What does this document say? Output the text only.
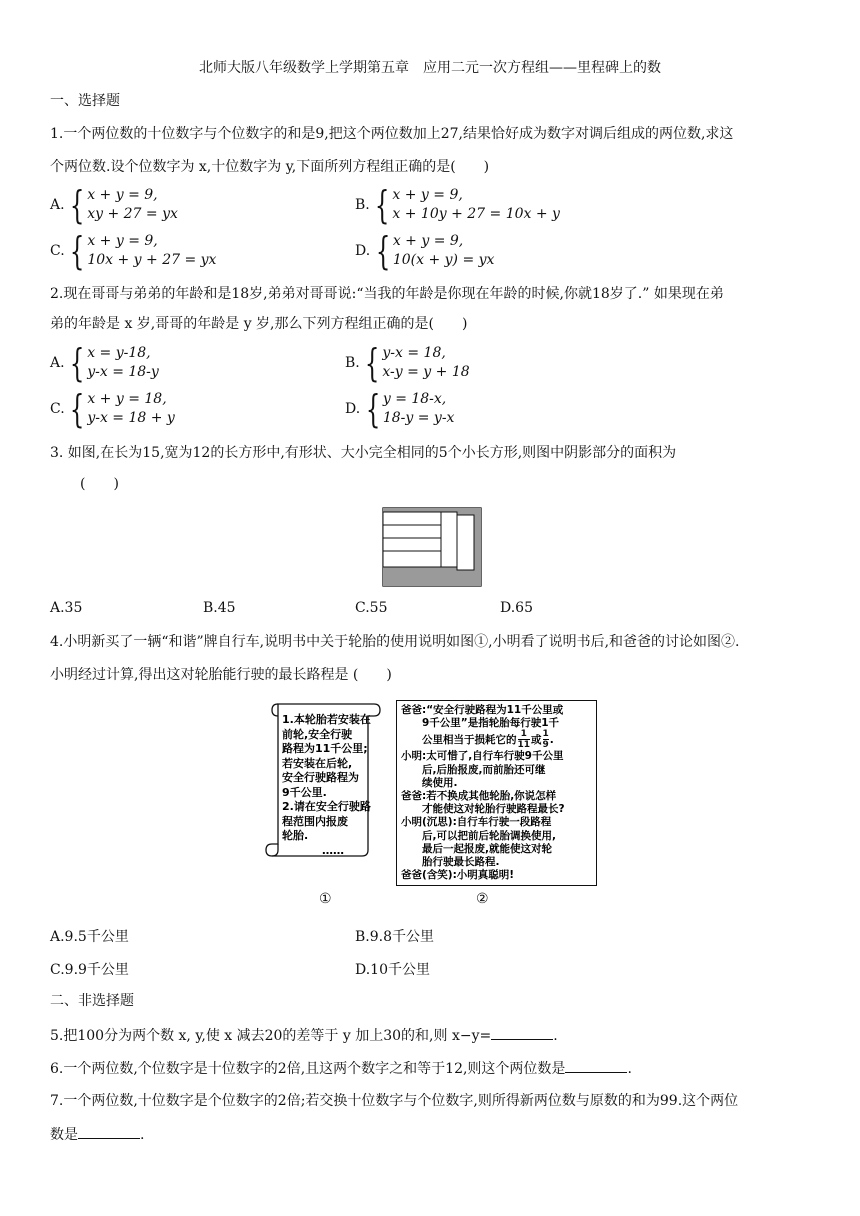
北师大版八年级数学上学期第五章　应用二元一次方程组——里程碑上的数
一、选择题
1.一个两位数的十位数字与个位数字的和是9,把这个两位数加上27,结果恰好成为数字对调后组成的两位数,求这
个两位数.设个位数字为 x,十位数字为 y,下面所列方程组正确的是(　　)
A. { x + y = 9,
xy + 27 = yx
B. { x + y = 9,
x + 10y + 27 = 10x + y
C. { x + y = 9,
10x + y + 27 = yx
D. { x + y = 9,
10(x + y) = yx
2.现在哥哥与弟弟的年龄和是18岁,弟弟对哥哥说:“当我的年龄是你现在年龄的时候,你就18岁了.” 如果现在弟
弟的年龄是 x 岁,哥哥的年龄是 y 岁,那么下列方程组正确的是(　　)
A. { x = y-18,
y-x = 18-y
B. { y-x = 18,
x-y = y + 18
C. { x + y = 18,
y-x = 18 + y
D. { y = 18-x,
18-y = y-x
3. 如图,在长为15,宽为12的长方形中,有形状、大小完全相同的5个小长方形,则图中阴影部分的面积为
(　　)
A.35	B.45	C.55	D.65
4.小明新买了一辆“和谐”牌自行车,说明书中关于轮胎的使用说明如图①,小明看了说明书后,和爸爸的讨论如图②.
小明经过计算,得出这对轮胎能行驶的最长路程是 (　　)
1.本轮胎若安装在
前轮,安全行驶
路程为11千公里;
若安装在后轮,
安全行驶路程为
9千公里.
2.请在安全行驶路
程范围内报废
轮胎.
……
爸爸:“安全行驶路程为11千公里或
　　9千公里”是指轮胎每行驶1千
　　公里相当于损耗它的 $\frac{1}{11}$ 或 $\frac{1}{9}$ .
小明:太可惜了,自行车行驶9千公里
　　后,后胎报废,而前胎还可继
　　续使用.
爸爸:若不换成其他轮胎,你说怎样
　　才能使这对轮胎行驶路程最长?
小明(沉思):自行车行驶一段路程
　　后,可以把前后轮胎调换使用,
　　最后一起报废,就能使这对轮
　　胎行驶最长路程.
爸爸(含笑):小明真聪明!
①	②
A.9.5千公里	B.9.8千公里
C.9.9千公里	D.10千公里
二、非选择题
5.把100分为两个数 x, y,使 x 减去20的差等于 y 加上30的和,则 x−y=	.
6.一个两位数,个位数字是十位数字的2倍,且这两个数字之和等于12,则这个两位数是	.
7.一个两位数,十位数字是个位数字的2倍;若交换十位数字与个位数字,则所得新两位数与原数的和为99.这个两位
数是	.
